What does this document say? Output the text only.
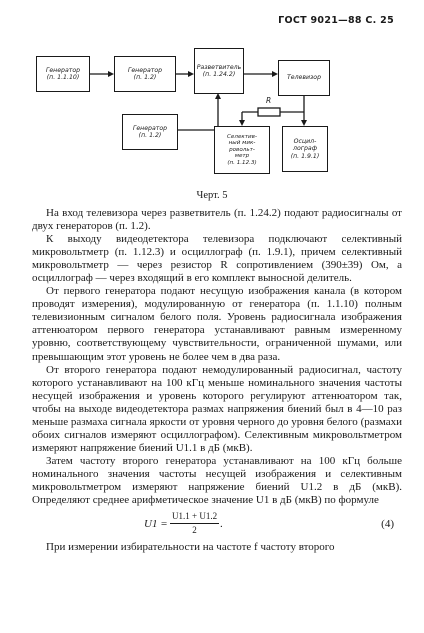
ГОСТ 9021—88 С. 25
Генератор
(п. 1.1.10)
Генератор
(п. 1.2)
Разветвитель
(п. 1.24.2)	Телевизор
Генератор
(п. 1.2)	Селектив-
ный мик-
ровольт-
метр
(п. 1.12.3)
Осцил-
лограф
(п. 1.9.1)
R
Черт. 5

На вход телевизора через разветвитель (п. 1.24.2) подают радиосигналы от двух генераторов (п. 1.2).

К выходу видеодетектора телевизора подключают селективный микровольтметр (п. 1.12.3) и осциллограф (п. 1.9.1), причем селективный микровольтметр — через резистор R сопротивлением (390±39) Ом, а осциллограф — через входящий в его комплект выносной делитель.

От первого генератора подают несущую изображения канала (в котором проводят измерения), модулированную от генератора (п. 1.1.10) полным телевизионным сигналом белого поля. Уровень радиосигнала изображения аттенюатором первого генератора устанавливают равным измеренному уровню, соответствующему чувствительности, ограниченной шумами, или превышающим этот уровень не более чем в два раза.

От второго генератора подают немодулированный радиосигнал, частоту которого устанавливают на 100 кГц меньше номинального значения частоты несущей изображения и уровень которого регулируют аттенюатором так, чтобы на выходе видеодетектора размах напряжения биений был в 4—10 раз меньше размаха сигнала яркости от уровня черного до уровня белого (размахи обоих сигналов измеряют осциллографом). Селективным микровольтметром измеряют напряжение биений U1.1 в дБ (мкВ).

Затем частоту второго генератора устанавливают на 100 кГц больше номинального значения частоты несущей изображения и селективным микровольтметром измеряют напряжение биений U1.2 в дБ (мкВ). Определяют среднее арифметическое значение U1 в дБ (мкВ) по формуле

$U1 = \frac{U1.1 + U1.2}{2}$ .	(4)

При измерении избирательности на частоте f частоту второго
